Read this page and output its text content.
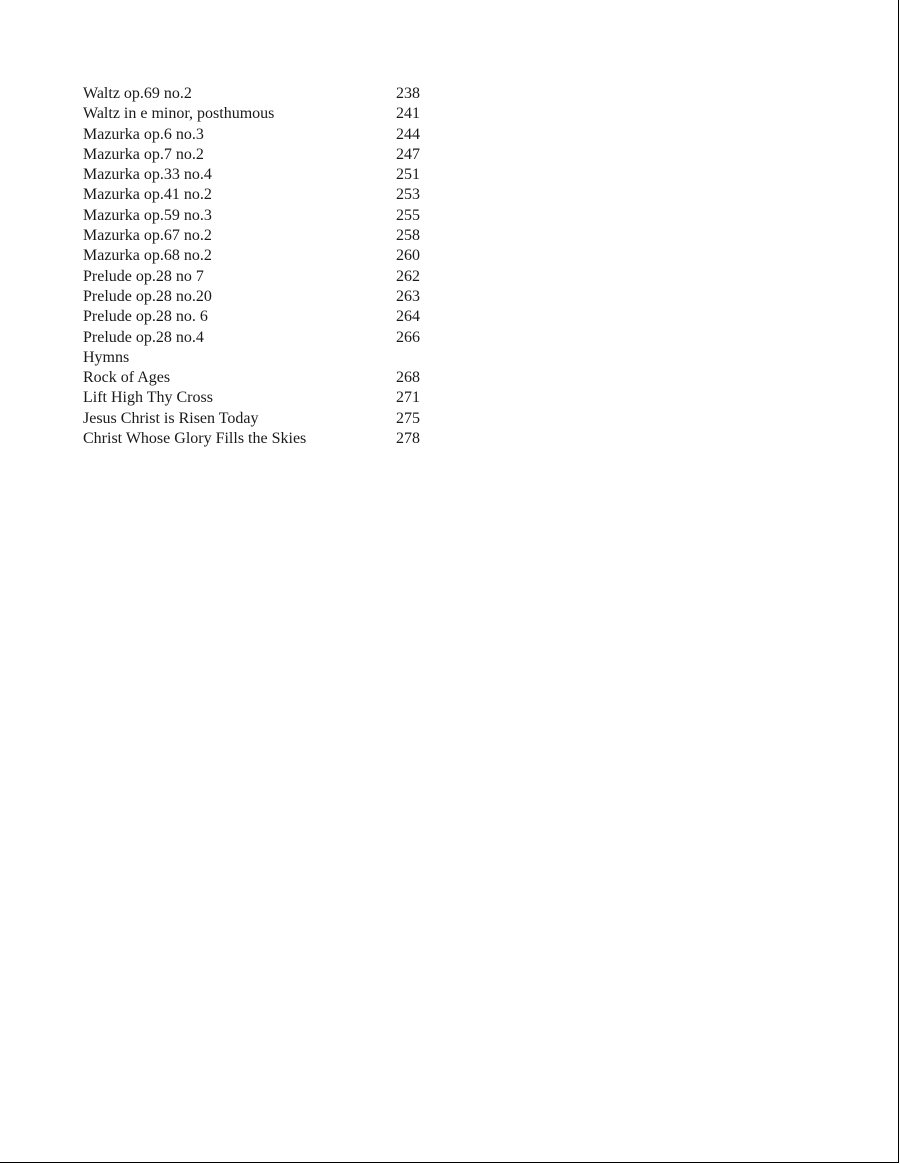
Waltz op.69 no.2	238
Waltz in e minor, posthumous	241
Mazurka op.6 no.3	244
Mazurka op.7 no.2	247
Mazurka op.33 no.4	251
Mazurka op.41 no.2	253
Mazurka op.59 no.3	255
Mazurka op.67 no.2	258
Mazurka op.68 no.2	260
Prelude op.28 no 7	262
Prelude op.28 no.20	263
Prelude op.28 no. 6	264
Prelude op.28 no.4	266
Hymns
Rock of Ages	268
Lift High Thy Cross	271
Jesus Christ is Risen Today	275
Christ Whose Glory Fills the Skies	278
